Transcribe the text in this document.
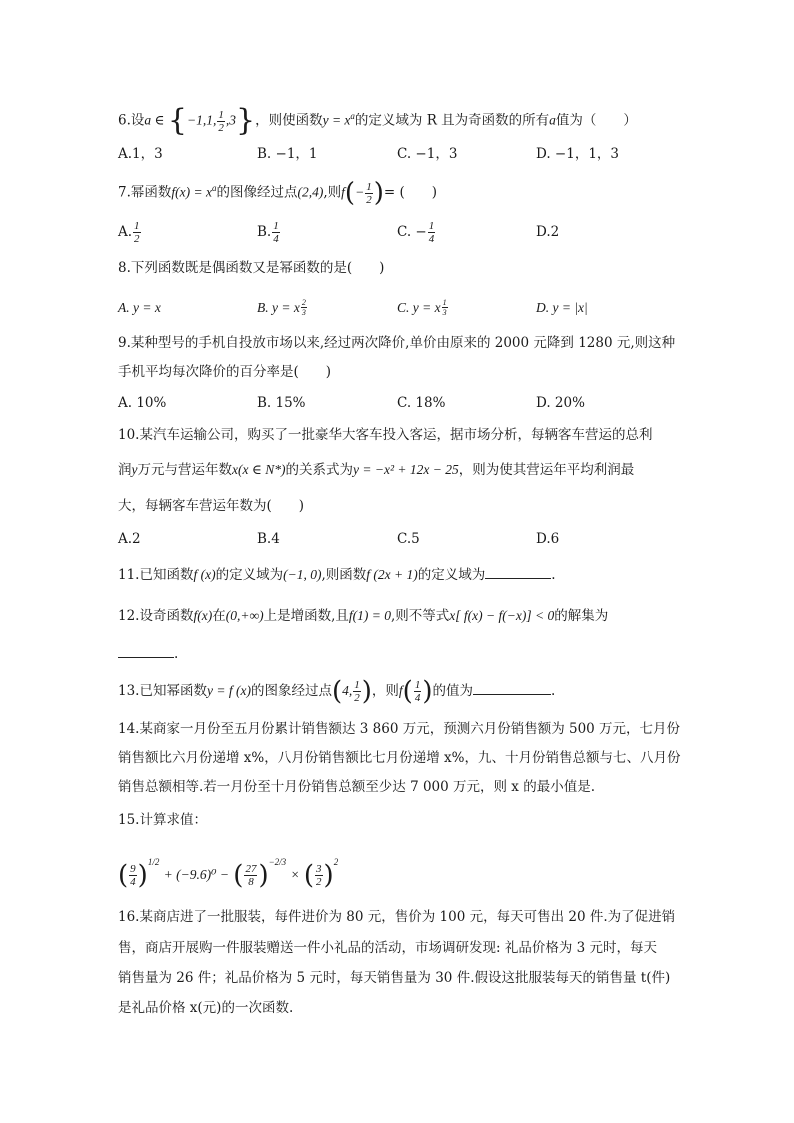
6.设a ∈ {−1,1, $\frac{1}{2} ,3$}，则使函数$y = x^a$的定义域为 R 且为奇函数的所有a值为（　　）
A.1，3	B. −1，1	C. −1，3	D. −1，1，3
7.幂函数$f(x) = x^a$的图像经过点(2,4),则$f(- \frac{1}{2}$ )= (　　)
A. $\frac{1}{2}$	B. $\frac{1}{4}$	C. − $\frac{1}{4}$	D.2
8.下列函数既是偶函数又是幂函数的是(　　)
A. y = x	B. y = x $^{\frac{2}{3}}$	C. y = x $^{\frac{1}{3}}$	D. y = |x|
9.某种型号的手机自投放市场以来,经过两次降价,单价由原来的 2000 元降到 1280 元,则这种
手机平均每次降价的百分率是(　　)
A. 10%	B. 15%	C. 18%	D. 20%
10.某汽车运输公司，购买了一批豪华大客车投入客运，据市场分析，每辆客车营运的总利
润y万元与营运年数x(x ∈ N*)的关系式为y = −x² + 12x − 25，则为使其营运年平均利润最
大，每辆客车营运年数为(　　)
A.2	B.4	C.5	D.6
11.已知函数f (x)的定义域为(−1, 0),则函数f (2x + 1)的定义域为	.
12.设奇函数f(x)在(0,+∞)上是增函数,且f(1) = 0,则不等式x[ f(x) − f(−x)] < 0的解集为
.
13.已知幂函数y = f (x)的图象经过点(4, $\frac{1}{2}$ )，则$f( \frac{1}{4}$ )的值为	.
14.某商家一月份至五月份累计销售额达 3 860 万元，预测六月份销售额为 500 万元，七月份
销售额比六月份递增 x%，八月份销售额比七月份递增 x%，九、十月份销售总额与七、八月份
销售总额相等.若一月份至十月份销售总额至少达 7 000 万元，则 x 的最小值是.
15.计算求值：
( $\frac{9}{4} )^{1/2} + (-9.6)^0$ − ( $\frac{27}{8} )^{-2/3}$ × ( $\frac{3}{2} )^2$
16.某商店进了一批服装，每件进价为 80 元，售价为 100 元，每天可售出 20 件.为了促进销
售，商店开展购一件服装赠送一件小礼品的活动，市场调研发现: 礼品价格为 3 元时，每天
销售量为 26 件；礼品价格为 5 元时，每天销售量为 30 件.假设这批服装每天的销售量 t(件)
是礼品价格 x(元)的一次函数.
